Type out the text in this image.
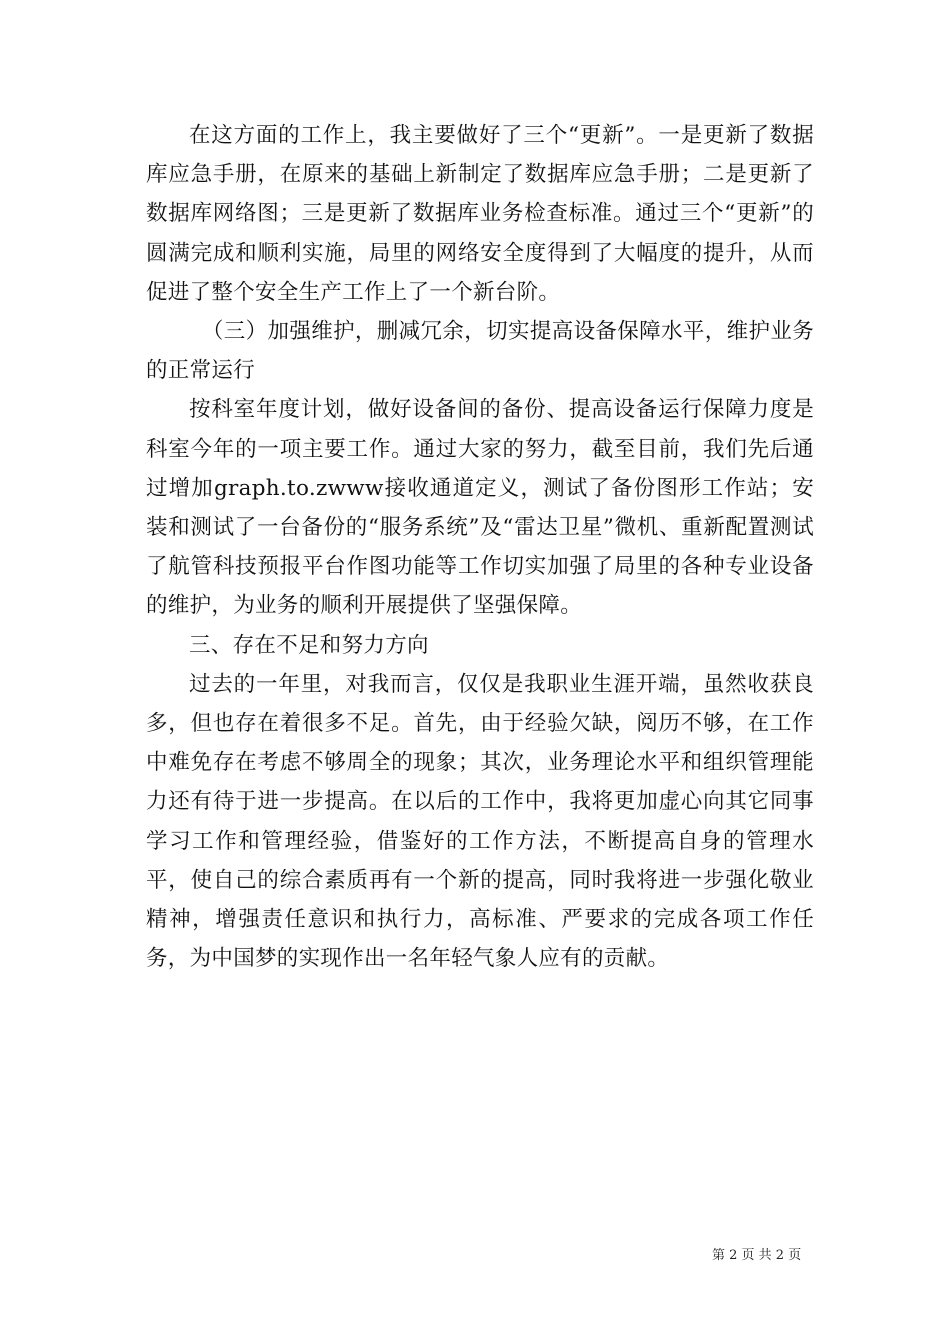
在这方面的工作上，我主要做好了三个“更新”。一是更新了数据库应急手册，在原来的基础上新制定了数据库应急手册；二是更新了数据库网络图；三是更新了数据库业务检查标准。通过三个“更新”的圆满完成和顺利实施，局里的网络安全度得到了大幅度的提升，从而促进了整个安全生产工作上了一个新台阶。

（三）加强维护，删减冗余，切实提高设备保障水平，维护业务的正常运行

按科室年度计划，做好设备间的备份、提高设备运行保障力度是科室今年的一项主要工作。通过大家的努力，截至目前，我们先后通过增加graph.to.zwww接收通道定义，测试了备份图形工作站；安装和测试了一台备份的“服务系统”及“雷达卫星”微机、重新配置测试了航管科技预报平台作图功能等工作切实加强了局里的各种专业设备的维护，为业务的顺利开展提供了坚强保障。

三、存在不足和努力方向

过去的一年里，对我而言，仅仅是我职业生涯开端，虽然收获良多，但也存在着很多不足。首先，由于经验欠缺，阅历不够，在工作中难免存在考虑不够周全的现象；其次，业务理论水平和组织管理能力还有待于进一步提高。在以后的工作中，我将更加虚心向其它同事学习工作和管理经验，借鉴好的工作方法，不断提高自身的管理水平，使自己的综合素质再有一个新的提高，同时我将进一步强化敬业精神，增强责任意识和执行力，高标准、严要求的完成各项工作任务，为中国梦的实现作出一名年轻气象人应有的贡献。

第 2 页 共 2 页
